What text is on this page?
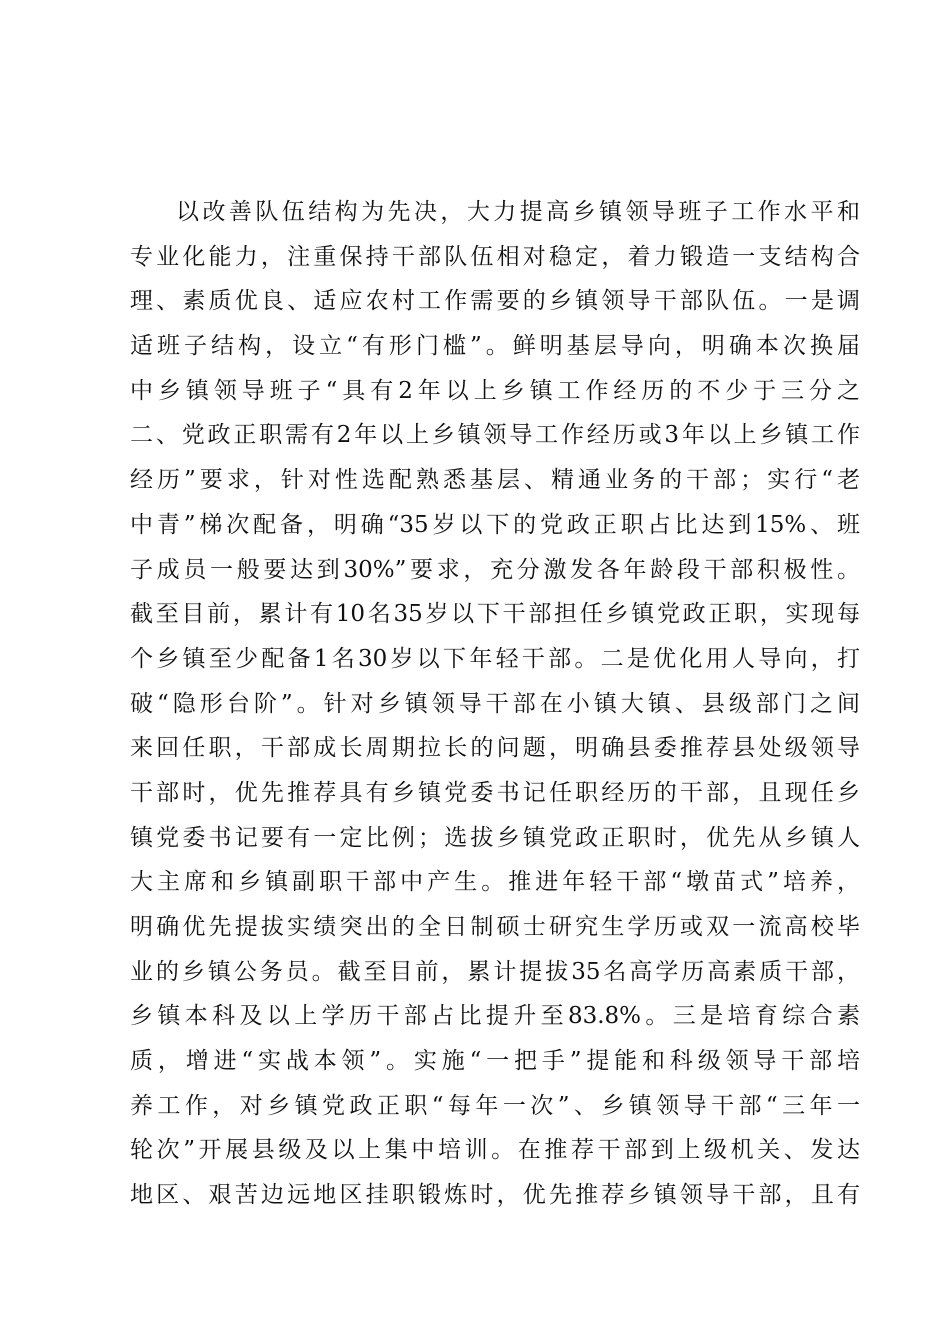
以改善队伍结构为先决，大力提高乡镇领导班子工作水平和
专业化能力，注重保持干部队伍相对稳定，着力锻造一支结构合
理、素质优良、适应农村工作需要的乡镇领导干部队伍。一是调
适班子结构，设立“有形门槛”。鲜明基层导向，明确本次换届
中乡镇领导班子“具有2年以上乡镇工作经历的不少于三分之
二、党政正职需有2年以上乡镇领导工作经历或3年以上乡镇工作
经历”要求，针对性选配熟悉基层、精通业务的干部；实行“老
中青”梯次配备，明确“35岁以下的党政正职占比达到15%、班
子成员一般要达到30%”要求，充分激发各年龄段干部积极性。
截至目前，累计有10名35岁以下干部担任乡镇党政正职，实现每
个乡镇至少配备1名30岁以下年轻干部。二是优化用人导向，打
破“隐形台阶”。针对乡镇领导干部在小镇大镇、县级部门之间
来回任职，干部成长周期拉长的问题，明确县委推荐县处级领导
干部时，优先推荐具有乡镇党委书记任职经历的干部，且现任乡
镇党委书记要有一定比例；选拔乡镇党政正职时，优先从乡镇人
大主席和乡镇副职干部中产生。推进年轻干部“墩苗式”培养，
明确优先提拔实绩突出的全日制硕士研究生学历或双一流高校毕
业的乡镇公务员。截至目前，累计提拔35名高学历高素质干部，
乡镇本科及以上学历干部占比提升至83.8%。三是培育综合素
质，增进“实战本领”。实施“一把手”提能和科级领导干部培
养工作，对乡镇党政正职“每年一次”、乡镇领导干部“三年一
轮次”开展县级及以上集中培训。在推荐干部到上级机关、发达
地区、艰苦边远地区挂职锻炼时，优先推荐乡镇领导干部，且有
